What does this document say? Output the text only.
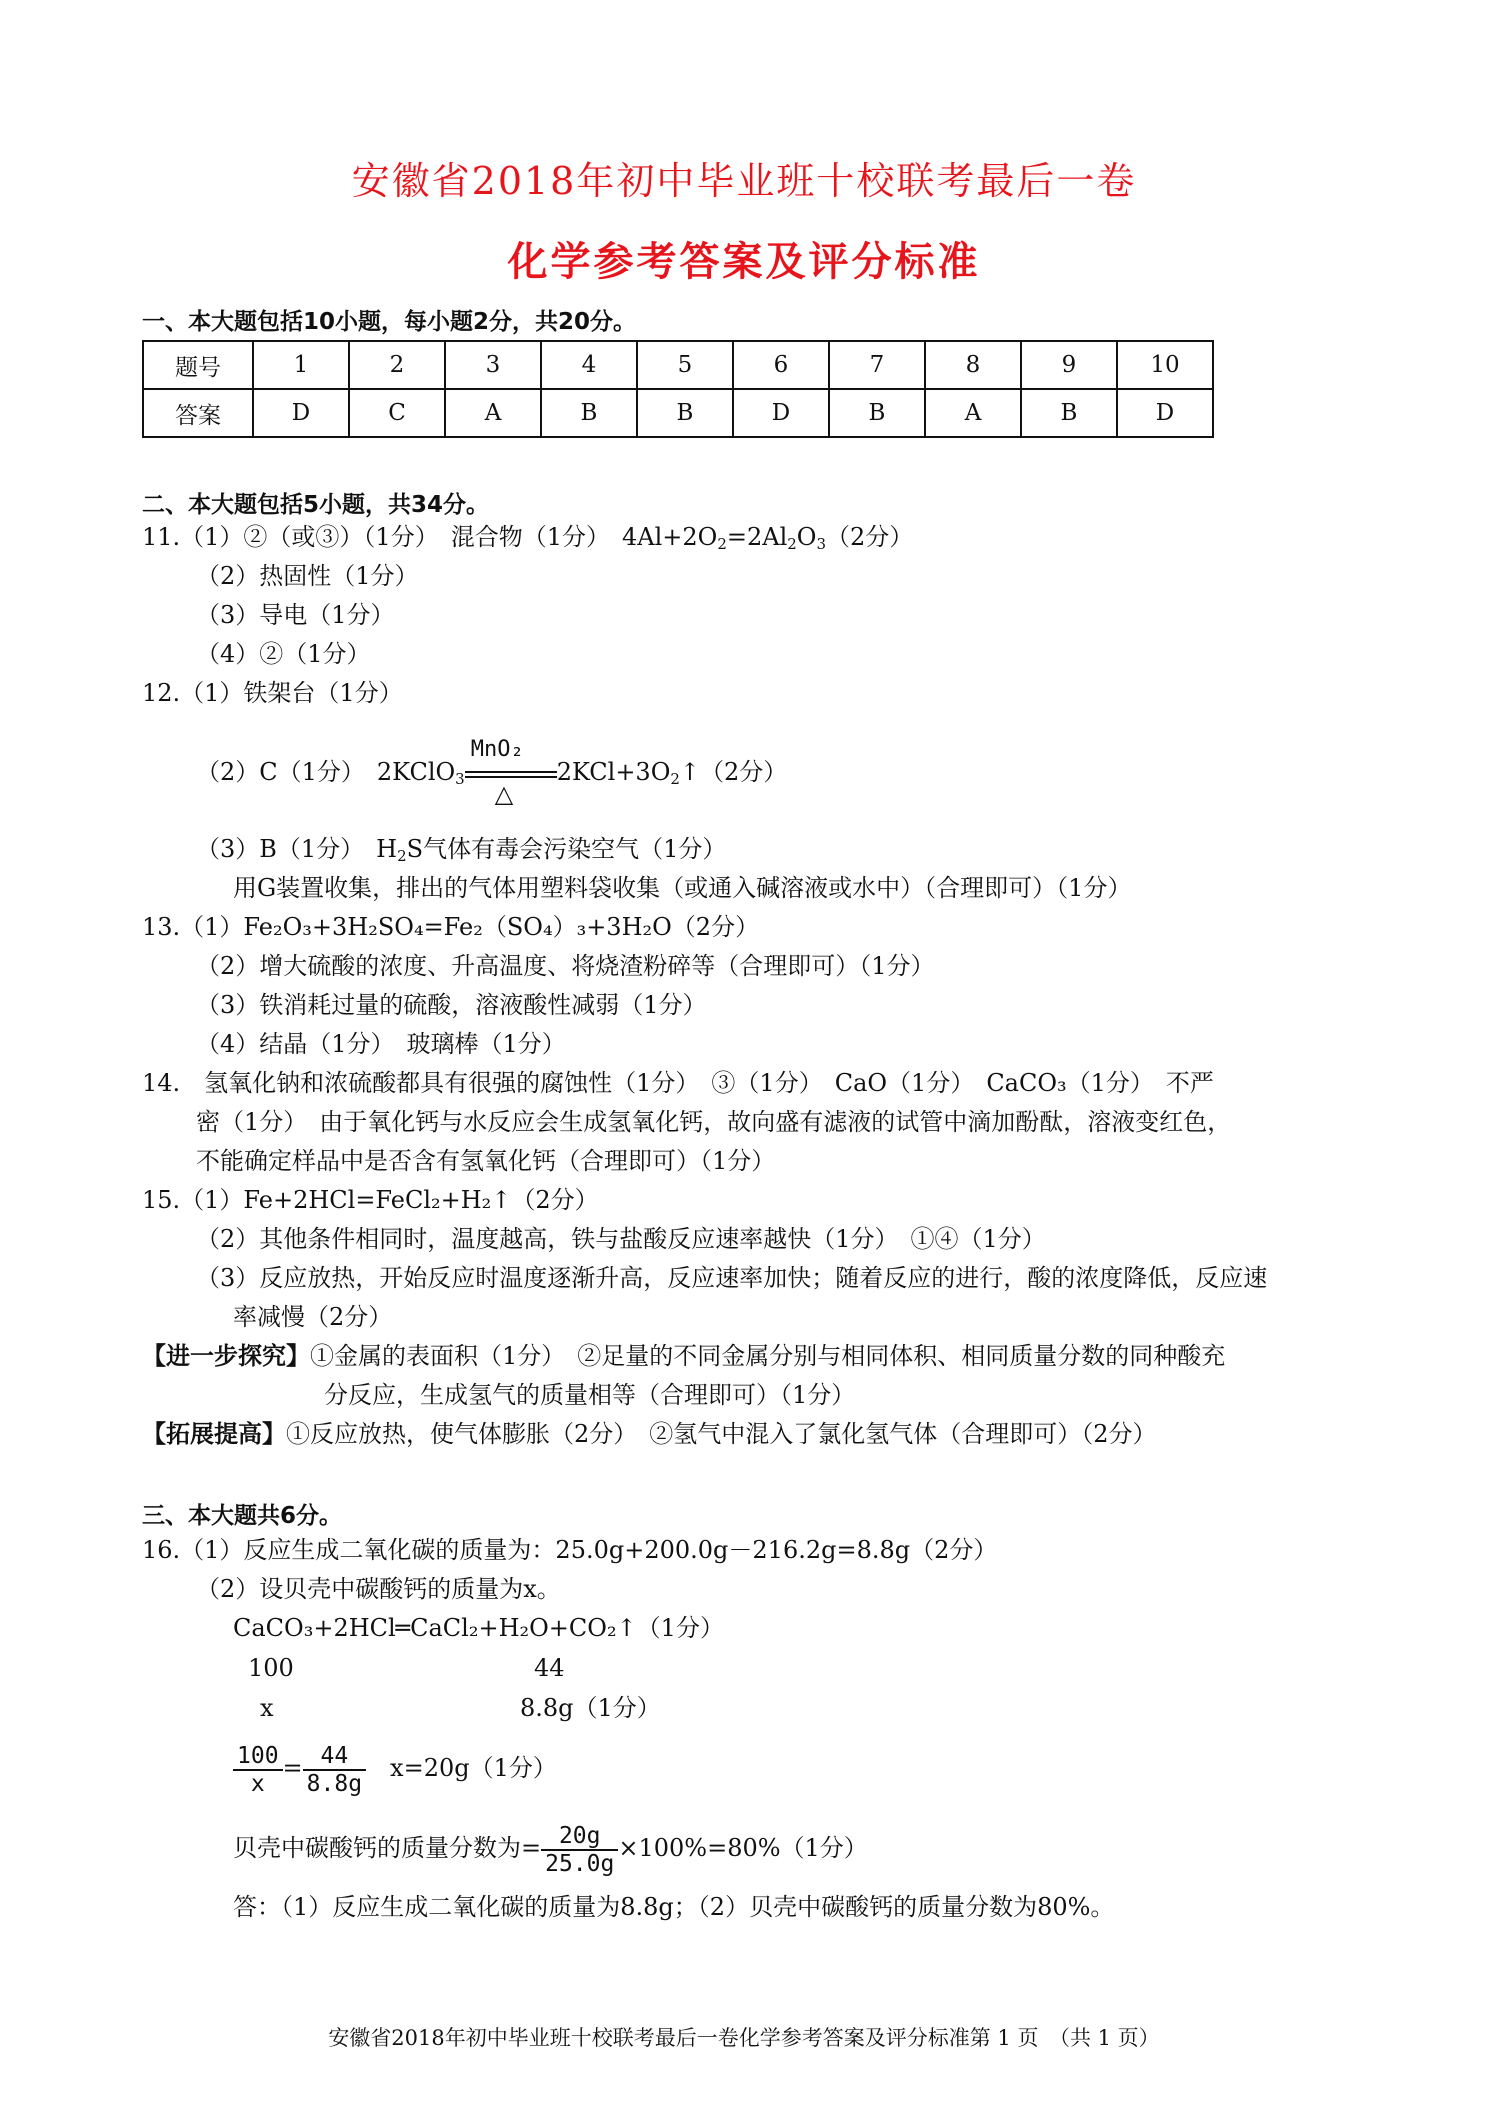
安徽省2018年初中毕业班十校联考最后一卷
化学参考答案及评分标准
一、本大题包括10小题，每小题2分，共20分。
题号	1	2	3	4	5	6	7	8	9	10
答案	D	C	A	B	B	D	B	A	B	D
二、本大题包括5小题，共34分。
11.（1）②（或③）（1分）　混合物（1分）　$4Al+2O_2=2Al_2O_3(2$分）
（2）热固性（1分）
（3）导电（1分）
（4）②（1分）
12.（1）铁架台（1分）
（2）C（1分）　2KClO$_3$
MnO₂
△
$2KCl+3O_2↑(2$分）
（3）B（1分）　$H_2S$气体有毒会污染空气（1分）
用G装置收集，排出的气体用塑料袋收集（或通入碱溶液或水中）（合理即可）（1分）
13.（1）Fe₂O₃+3H₂SO₄=Fe₂（SO₄）₃+3H₂O（2分）
（2）增大硫酸的浓度、升高温度、将烧渣粉碎等（合理即可）（1分）
（3）铁消耗过量的硫酸，溶液酸性减弱（1分）
（4）结晶（1分）　玻璃棒（1分）
14.　氢氧化钠和浓硫酸都具有很强的腐蚀性（1分）　③（1分）　CaO（1分）　CaCO₃（1分）　不严
密（1分）　由于氧化钙与水反应会生成氢氧化钙，故向盛有滤液的试管中滴加酚酞，溶液变红色，
不能确定样品中是否含有氢氧化钙（合理即可）（1分）
15.（1）Fe+2HCl=FeCl₂+H₂↑（2分）
（2）其他条件相同时，温度越高，铁与盐酸反应速率越快（1分）　①④（1分）
（3）反应放热，开始反应时温度逐渐升高，反应速率加快；随着反应的进行，酸的浓度降低，反应速
率减慢（2分）
【进一步探究】①金属的表面积（1分）　②足量的不同金属分别与相同体积、相同质量分数的同种酸充
分反应，生成氢气的质量相等（合理即可）（1分）
【拓展提高】①反应放热，使气体膨胀（2分）　②氢气中混入了氯化氢气体（合理即可）（2分）
三、本大题共6分。
16.（1）反应生成二氧化碳的质量为：25.0g+200.0g－216.2g=8.8g（2分）
（2）设贝壳中碳酸钙的质量为x。
CaCO₃+2HCl═CaCl₂+H₂O+CO₂↑（1分）
100	44
x	8.8g（1分）
$\frac{100}{x} = \frac{44}{8.8g}$
　 x=20g（1分）
贝壳中碳酸钙的质量分数为= $\frac{20g}{25.0g} \times 100\%=80\%(1$分）
答：（1）反应生成二氧化碳的质量为8.8g；（2）贝壳中碳酸钙的质量分数为80%。
安徽省2018年初中毕业班十校联考最后一卷化学参考答案及评分标准第 1 页　（共 1 页）
